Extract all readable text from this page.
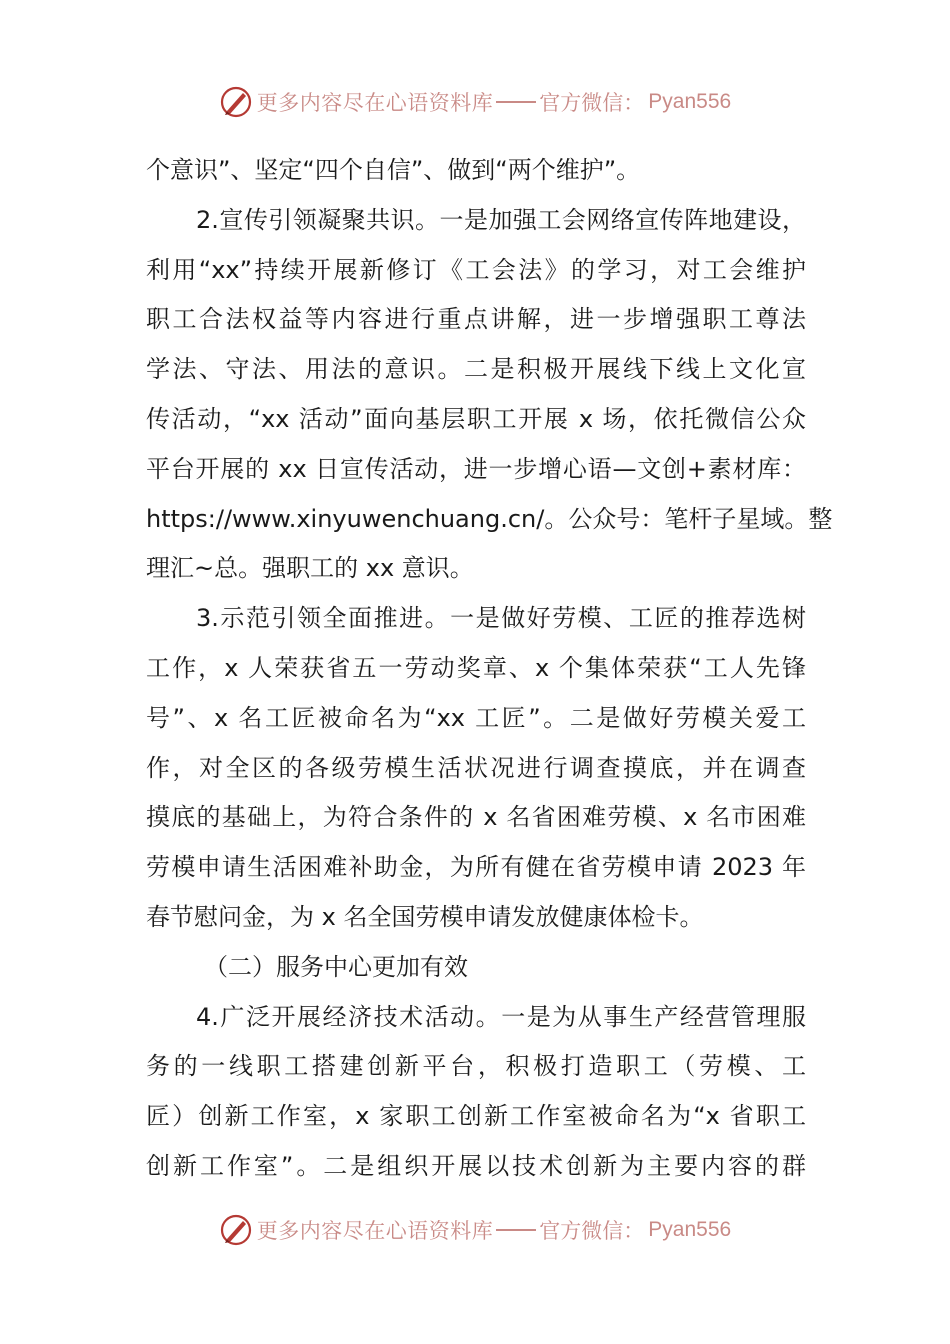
更多内容尽在心语资料库 官方微信： Pyan556
个意识”、坚定“四个自信”、做到“两个维护”。
2.宣传引领凝聚共识。一是加强工会网络宣传阵地建设，
利用“xx”持续开展新修订《工会法》的学习，对工会维护
职工合法权益等内容进行重点讲解，进一步增强职工尊法
学法、守法、用法的意识。二是积极开展线下线上文化宣
传活动，“xx 活动”面向基层职工开展 x 场，依托微信公众
平台开展的 xx 日宣传活动，进一步增心语—文创+素材库：
https://www.xinyuwenchuang.cn/。公众号：笔杆子星域。整
理汇~总。强职工的 xx 意识。
3.示范引领全面推进。一是做好劳模、工匠的推荐选树
工作，x 人荣获省五一劳动奖章、x 个集体荣获“工人先锋
号”、x 名工匠被命名为“xx 工匠”。二是做好劳模关爱工
作，对全区的各级劳模生活状况进行调查摸底，并在调查
摸底的基础上，为符合条件的 x 名省困难劳模、x 名市困难
劳模申请生活困难补助金，为所有健在省劳模申请 2023 年
春节慰问金，为 x 名全国劳模申请发放健康体检卡。
（二）服务中心更加有效
4.广泛开展经济技术活动。一是为从事生产经营管理服
务的一线职工搭建创新平台，积极打造职工（劳模、工
匠）创新工作室，x 家职工创新工作室被命名为“x 省职工
创新工作室”。二是组织开展以技术创新为主要内容的群
更多内容尽在心语资料库 官方微信： Pyan556
